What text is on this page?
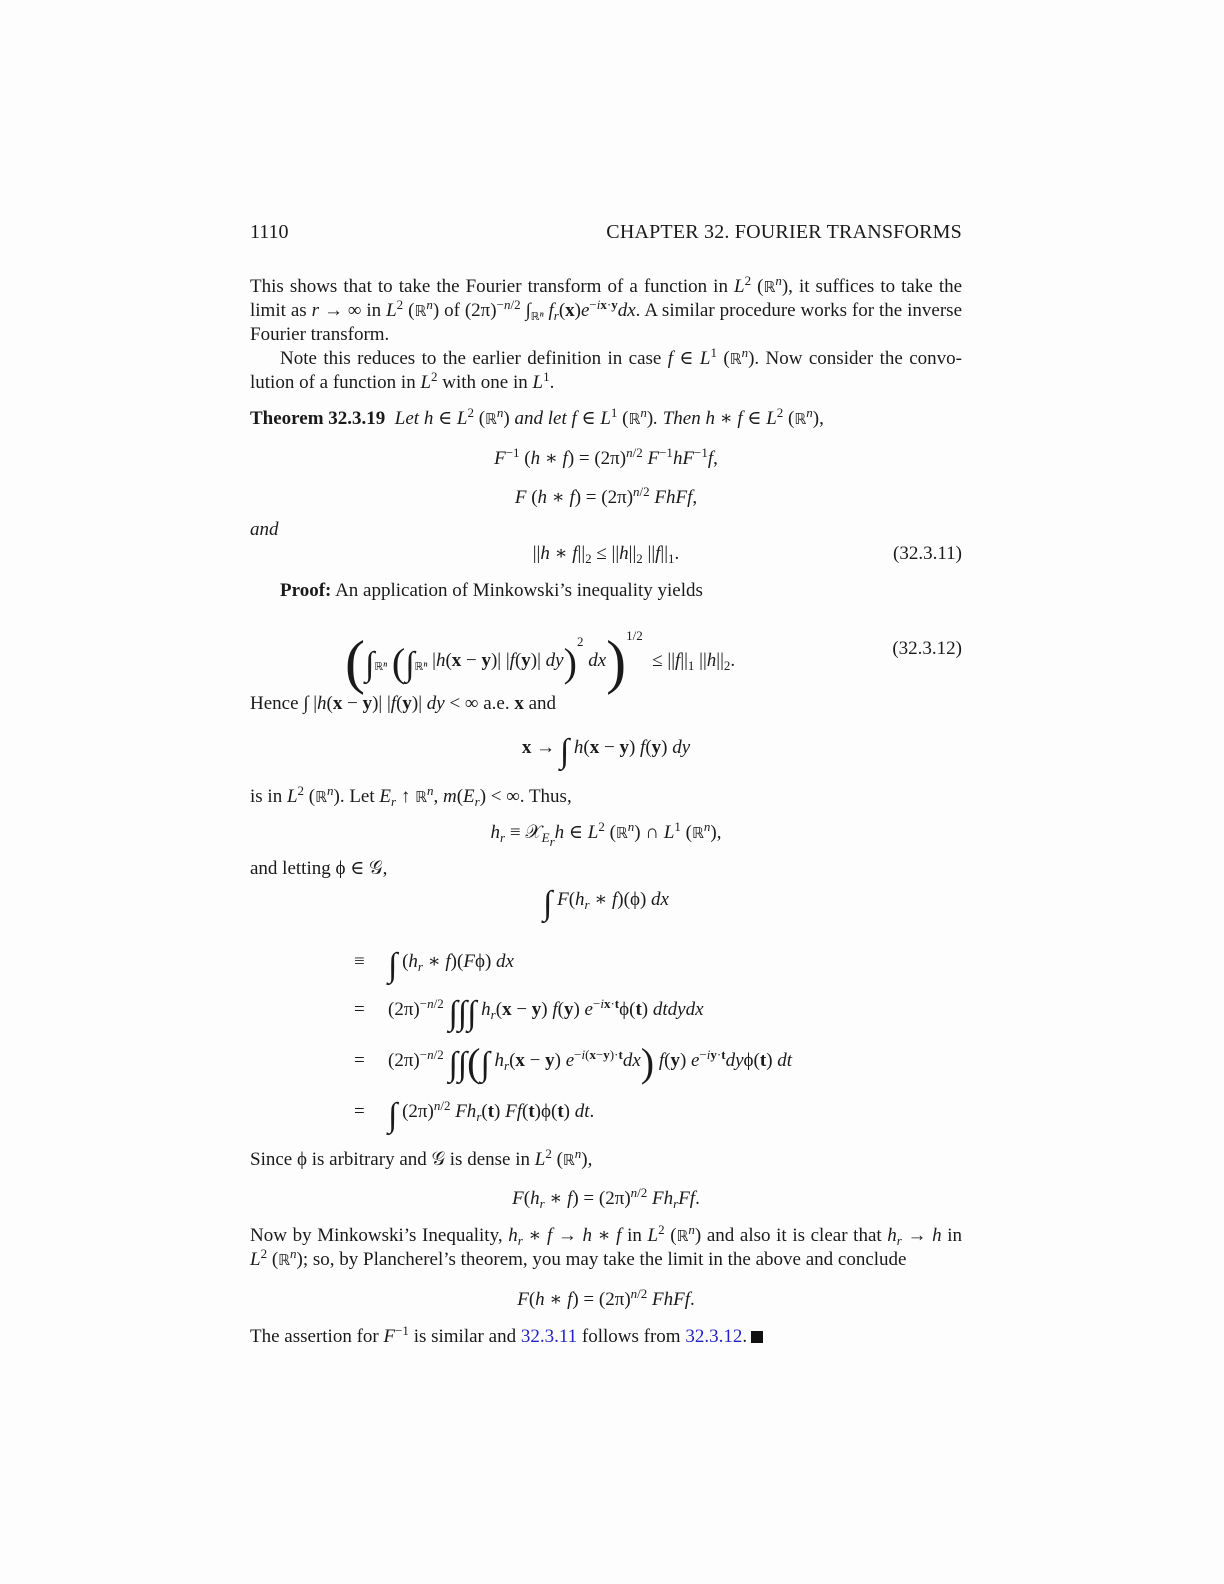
1110	CHAPTER 32. FOURIER TRANSFORMS
This shows that to take the Fourier transform of a function in $L^2$ (ℝ$^n$), it suffices to take the limit as r → ∞ in $L^2$ (ℝ$^n$) of $(2\pi)^{-n/2}$ $\int_{ℝ^n}$ $f_r(x)e^{-ix\cdot y}dx$. A similar procedure works for the inverse Fourier transform.
Note this reduces to the earlier definition in case f ∈ $L^1$ (ℝ$^n$). Now consider the convo-lution of a function in $L^2$ with one in $L^1$.
Theorem 32.3.19 Let h ∈ $L^2$ (ℝ$^n$) and let f ∈ $L^1$ (ℝ$^n$). Then h ∗ f ∈ $L^2$ (ℝ$^n$),
$F^{-1}$ (h ∗ $f) = (2\pi)^{n/2}$ $F^{-1}hF^{-1}f$,
F (h ∗ $f) = (2\pi)^{n/2}$ FhFf,
and
||h ∗ $f||_2 \le ||h||_2$ $||f||_1$.	(32.3.11)
Proof: An application of Minkowski’s inequality yields
($\int_{ℝ^n}$ ($\int_{ℝ^n}$ |h(x − y)| |f(y)| dy)$^2$ $dx)^{1/2} \le ||f||_1$ $||h||_2$.
(32.3.12)
Hence ∫ |h(x − y)| |f(y)| dy < ∞ a.e. x and
x → ∫ h(x − y) f(y) dy
is in $L^2$ (ℝ$^n$). Let $E_r$ ↑ ℝ$^n$, $m(E_r)$ < ∞. Thus,
$h_r$ ≡ 𝒳$_{E_r}$h ∈ $L^2$ (ℝ$^n$) ∩ $L^1$ (ℝ$^n$),
and letting ϕ ∈ 𝒢,
∫ $F(h_r$ ∗ f)(ϕ) dx
≡ ∫ ($h_r$ ∗ f)(Fϕ) dx
= $(2\pi)^{-n/2}$ ∫∫∫ $h_r(x - y)$ f(y) $e^{-ix\cdot t}\phi(t)$ dtdydx
= $(2\pi)^{-n/2}$ ∫∫(∫ $h_r(x - y)$ $e^{-i(x-y)\cdot t}dx$) f(y) $e^{-iy\cdot t}dy\phi(t)$ dt
= ∫ $(2\pi)^{n/2}$ $Fh_r(t)$ Ff(t)ϕ(t) dt.
Since ϕ is arbitrary and 𝒢 is dense in $L^2$ (ℝ$^n$),
$F(h_r$ ∗ $f) = (2\pi)^{n/2}$ $Fh_rFf$.
Now by Minkowski’s Inequality, $h_r$ ∗ f → h ∗ f in $L^2$ (ℝ$^n$) and also it is clear that $h_r \to h$ in $L^2$ (ℝ$^n$); so, by Plancherel’s theorem, you may take the limit in the above and conclude
F(h ∗ $f) = (2\pi)^{n/2}$ FhFf.
The assertion for $F^{-1}$ is similar and 32.3.11 follows from 32.3.12.
